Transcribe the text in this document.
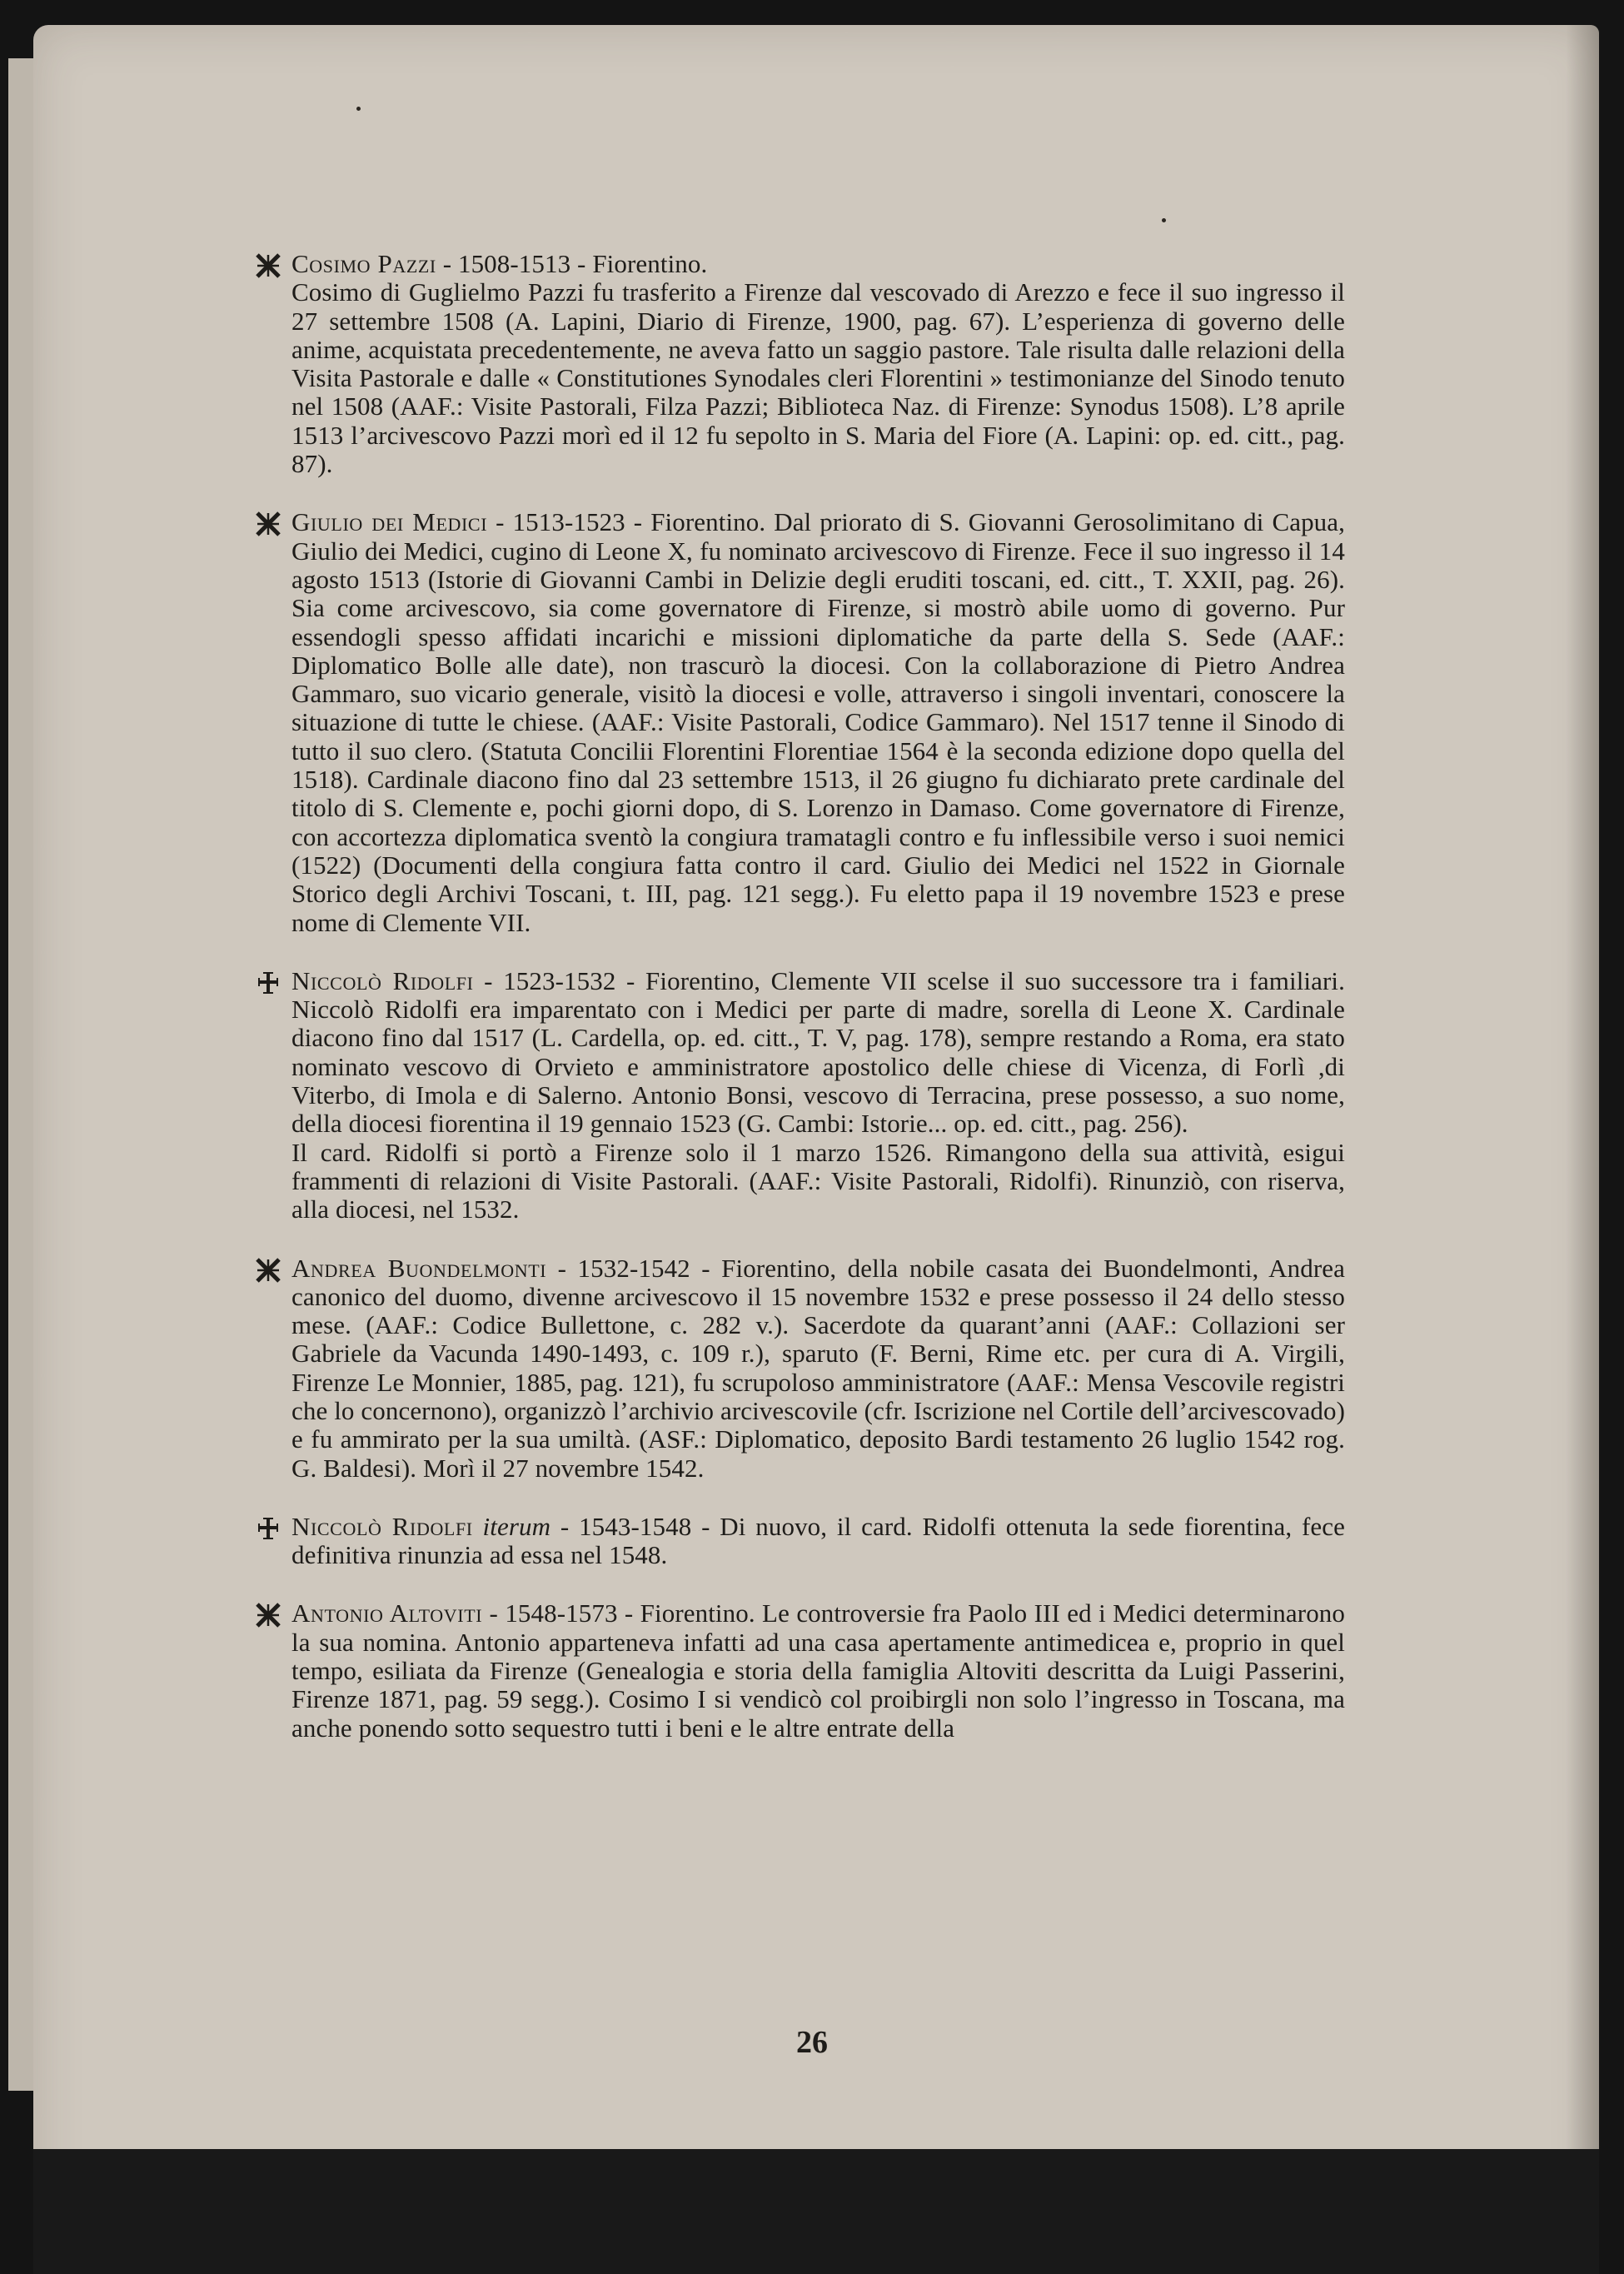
Cosimo Pazzi - 1508-1513 - Fiorentino.
Cosimo di Guglielmo Pazzi fu trasferito a Firenze dal vescovado di Arezzo e fece il suo ingresso il 27 settembre 1508 (A. Lapini, Diario di Firenze, 1900, pag. 67). L’esperienza di governo delle anime, acquistata precedentemente, ne aveva fatto un saggio pastore. Tale risulta dalle relazioni della Visita Pastorale e dalle « Constitutiones Synodales cleri Florentini » testimonianze del Sinodo tenuto nel 1508 (AAF.: Visite Pastorali, Filza Pazzi; Biblioteca Naz. di Firenze: Synodus 1508). L’8 aprile 1513 l’arcivescovo Pazzi morì ed il 12 fu sepolto in S. Maria del Fiore (A. Lapini: op. ed. citt., pag. 87).
Giulio dei Medici - 1513-1523 - Fiorentino. Dal priorato di S. Giovanni Gerosolimitano di Capua, Giulio dei Medici, cugino di Leone X, fu nominato arcivescovo di Firenze. Fece il suo ingresso il 14 agosto 1513 (Istorie di Giovanni Cambi in Delizie degli eruditi toscani, ed. citt., T. XXII, pag. 26). Sia come arcivescovo, sia come governatore di Firenze, si mostrò abile uomo di governo. Pur essendogli spesso affidati incarichi e missioni diplomatiche da parte della S. Sede (AAF.: Diplomatico Bolle alle date), non trascurò la diocesi. Con la collaborazione di Pietro Andrea Gammaro, suo vicario generale, visitò la diocesi e volle, attraverso i singoli inventari, conoscere la situazione di tutte le chiese. (AAF.: Visite Pastorali, Codice Gammaro). Nel 1517 tenne il Sinodo di tutto il suo clero. (Statuta Concilii Florentini Florentiae 1564 è la seconda edizione dopo quella del 1518). Cardinale diacono fino dal 23 settembre 1513, il 26 giugno fu dichiarato prete cardinale del titolo di S. Clemente e, pochi giorni dopo, di S. Lorenzo in Damaso. Come governatore di Firenze, con accortezza diplomatica sventò la congiura tramatagli contro e fu inflessibile verso i suoi nemici (1522) (Documenti della congiura fatta contro il card. Giulio dei Medici nel 1522 in Giornale Storico degli Archivi Toscani, t. III, pag. 121 segg.). Fu eletto papa il 19 novembre 1523 e prese nome di Clemente VII.
Niccolò Ridolfi - 1523-1532 - Fiorentino, Clemente VII scelse il suo successore tra i familiari. Niccolò Ridolfi era imparentato con i Medici per parte di madre, sorella di Leone X. Cardinale diacono fino dal 1517 (L. Cardella, op. ed. citt., T. V, pag. 178), sempre restando a Roma, era stato nominato vescovo di Orvieto e amministratore apostolico delle chiese di Vicenza, di Forlì ,di Viterbo, di Imola e di Salerno. Antonio Bonsi, vescovo di Terracina, prese possesso, a suo nome, della diocesi fiorentina il 19 gennaio 1523 (G. Cambi: Istorie... op. ed. citt., pag. 256).
Il card. Ridolfi si portò a Firenze solo il 1 marzo 1526. Rimangono della sua attività, esigui frammenti di relazioni di Visite Pastorali. (AAF.: Visite Pastorali, Ridolfi). Rinunziò, con riserva, alla diocesi, nel 1532.
Andrea Buondelmonti - 1532-1542 - Fiorentino, della nobile casata dei Buondelmonti, Andrea canonico del duomo, divenne arcivescovo il 15 novembre 1532 e prese possesso il 24 dello stesso mese. (AAF.: Codice Bullettone, c. 282 v.). Sacerdote da quarant’anni (AAF.: Collazioni ser Gabriele da Vacunda 1490-1493, c. 109 r.), sparuto (F. Berni, Rime etc. per cura di A. Virgili, Firenze Le Monnier, 1885, pag. 121), fu scrupoloso amministratore (AAF.: Mensa Vescovile registri che lo concernono), organizzò l’archivio arcivescovile (cfr. Iscrizione nel Cortile dell’arcivescovado) e fu ammirato per la sua umiltà. (ASF.: Diplomatico, deposito Bardi testamento 26 luglio 1542 rog. G. Baldesi). Morì il 27 novembre 1542.
Niccolò Ridolfi iterum - 1543-1548 - Di nuovo, il card. Ridolfi ottenuta la sede fiorentina, fece definitiva rinunzia ad essa nel 1548.
Antonio Altoviti - 1548-1573 - Fiorentino. Le controversie fra Paolo III ed i Medici determinarono la sua nomina. Antonio apparteneva infatti ad una casa apertamente antimedicea e, proprio in quel tempo, esiliata da Firenze (Genealogia e storia della famiglia Altoviti descritta da Luigi Passerini, Firenze 1871, pag. 59 segg.). Cosimo I si vendicò col proibirgli non solo l’ingresso in Toscana, ma anche ponendo sotto sequestro tutti i beni e le altre entrate della
26
